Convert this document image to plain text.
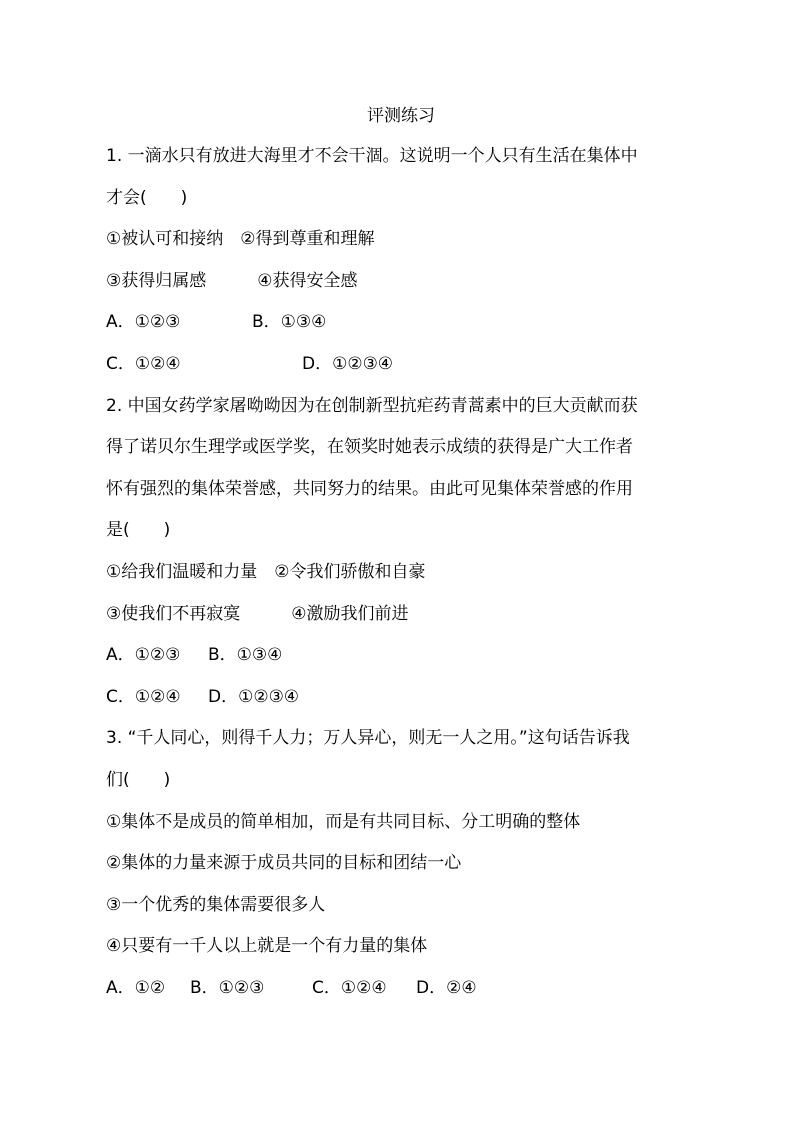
评测练习
1. 一滴水只有放进大海里才不会干涸。这说明一个人只有生活在集体中
才会(　　)
①被认可和接纳　②得到尊重和理解
③获得归属感　　　④获得安全感
A．①②③	B．①③④
C．①②④	D．①②③④
2. 中国女药学家屠呦呦因为在创制新型抗疟药青蒿素中的巨大贡献而获
得了诺贝尔生理学或医学奖，在领奖时她表示成绩的获得是广大工作者
怀有强烈的集体荣誉感，共同努力的结果。由此可见集体荣誉感的作用
是(　　)
①给我们温暖和力量　②令我们骄傲和自豪
③使我们不再寂寞　　　④激励我们前进
A．①②③ B．①③④
C．①②④ D．①②③④
3. “千人同心，则得千人力；万人异心，则无一人之用。”这句话告诉我
们(　　)
①集体不是成员的简单相加，而是有共同目标、分工明确的整体
②集体的力量来源于成员共同的目标和团结一心
③一个优秀的集体需要很多人
④只要有一千人以上就是一个有力量的集体
A．①② B．①②③	C．①②④ D．②④
